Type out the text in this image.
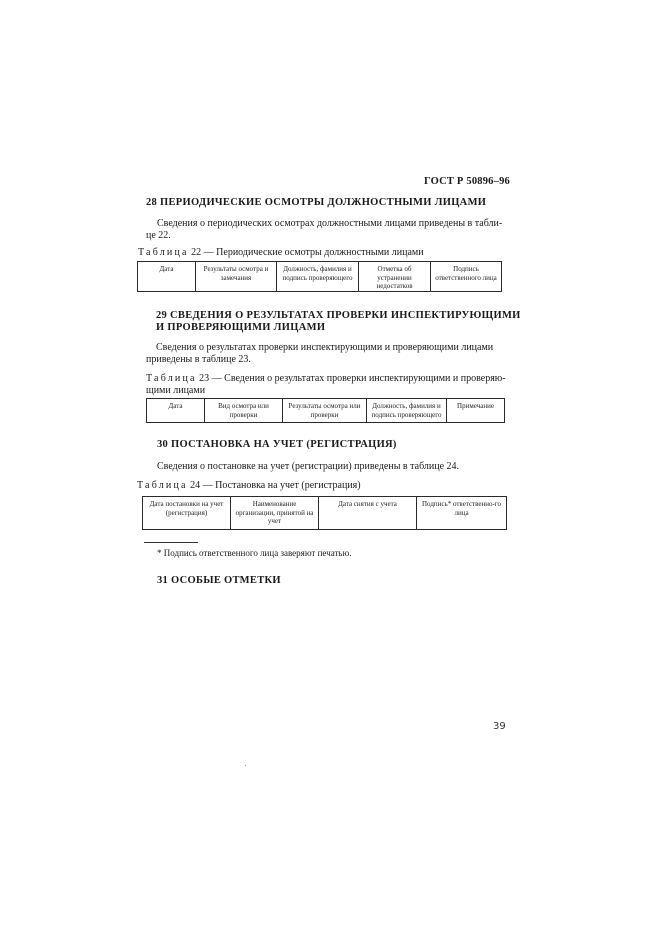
ГОСТ Р 50896–96
28 ПЕРИОДИЧЕСКИЕ ОСМОТРЫ ДОЛЖНОСТНЫМИ ЛИЦАМИ
Сведения о периодических осмотрах должностными лицами приведены в табли-
це 22.
Таблица 22 — Периодические осмотры должностными лицами
Дата	Результаты осмотра и замечания	Должность, фамилия и подпись проверяющего	Отметка об устранении недостатков	Подпись ответственного лица
29 СВЕДЕНИЯ О РЕЗУЛЬТАТАХ ПРОВЕРКИ ИНСПЕКТИРУЮЩИМИ
И ПРОВЕРЯЮЩИМИ ЛИЦАМИ
Сведения о результатах проверки инспектирующими и проверяющими лицами
приведены в таблице 23.
Таблица 23 — Сведения о результатах проверки инспектирующими и проверяю-
щими лицами
Дата	Вид осмотра или проверки	Результаты осмотра или проверки	Должность, фамилия и подпись проверяющего	Примечание
30 ПОСТАНОВКА НА УЧЕТ (РЕГИСТРАЦИЯ)
Сведения о постановке на учет (регистрации) приведены в таблице 24.
Таблица 24 — Постановка на учет (регистрация)
Дата постановки на учет (регистрация)	Наименование организации, принятой на учет	Дата снятия с учета	Подпись* ответственно-го лица
* Подпись ответственного лица заверяют печатью.
31 ОСОБЫЕ ОТМЕТКИ
39
